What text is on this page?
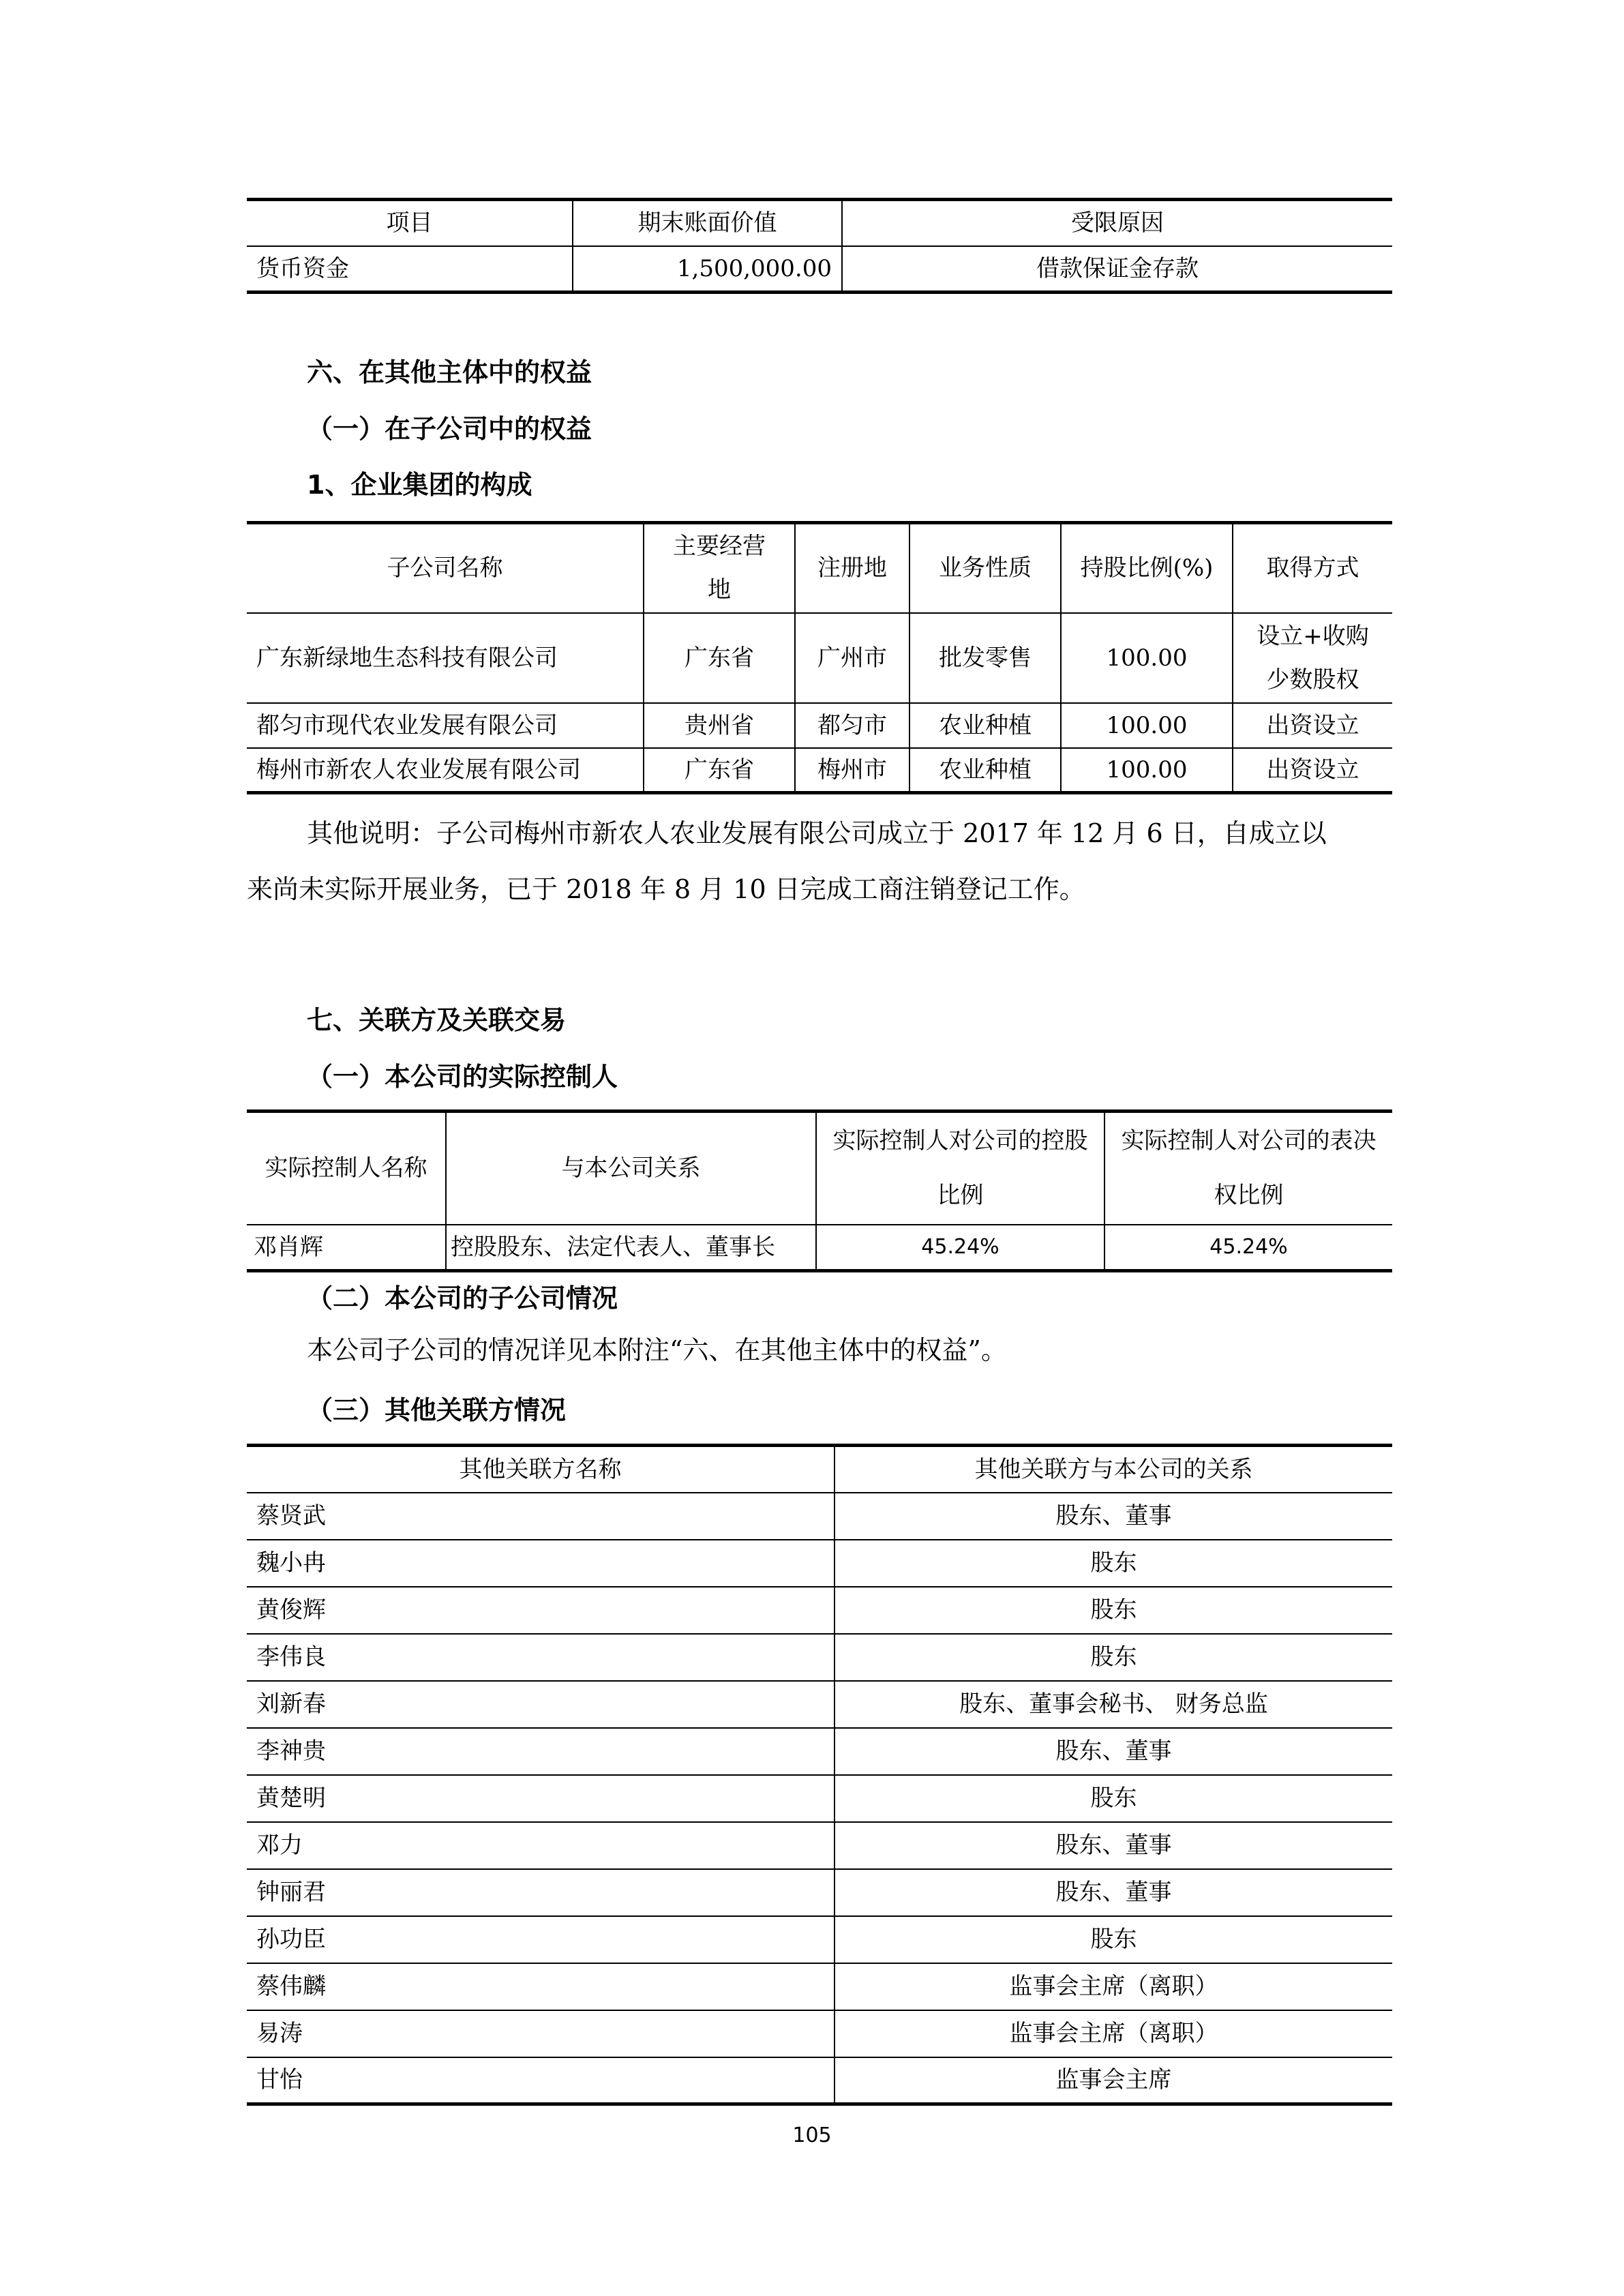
项目	期末账面价值	受限原因
货币资金	1,500,000.00	借款保证金存款
六、在其他主体中的权益
（一）在子公司中的权益
1、企业集团的构成
子公司名称	主要经营地	注册地	业务性质	持股比例(%)	取得方式
广东新绿地生态科技有限公司	广东省	广州市	批发零售	100.00	设立+收购少数股权
都匀市现代农业发展有限公司	贵州省	都匀市	农业种植	100.00	出资设立
梅州市新农人农业发展有限公司	广东省	梅州市	农业种植	100.00	出资设立
其他说明：子公司梅州市新农人农业发展有限公司成立于 2017 年 12 月 6 日，自成立以
来尚未实际开展业务，已于 2018 年 8 月 10 日完成工商注销登记工作。
七、关联方及关联交易
（一）本公司的实际控制人
实际控制人名称	与本公司关系	实际控制人对公司的控股比例	实际控制人对公司的表决权比例
邓肖辉	控股股东、法定代表人、董事长	45.24%	45.24%
（二）本公司的子公司情况
本公司子公司的情况详见本附注“六、在其他主体中的权益”。
（三）其他关联方情况
其他关联方名称	其他关联方与本公司的关系
蔡贤武	股东、董事
魏小冉	股东
黄俊辉	股东
李伟良	股东
刘新春	股东、董事会秘书、 财务总监
李神贵	股东、董事
黄楚明	股东
邓力	股东、董事
钟丽君	股东、董事
孙功臣	股东
蔡伟麟	监事会主席（离职）
易涛	监事会主席（离职）
甘怡	监事会主席
105
